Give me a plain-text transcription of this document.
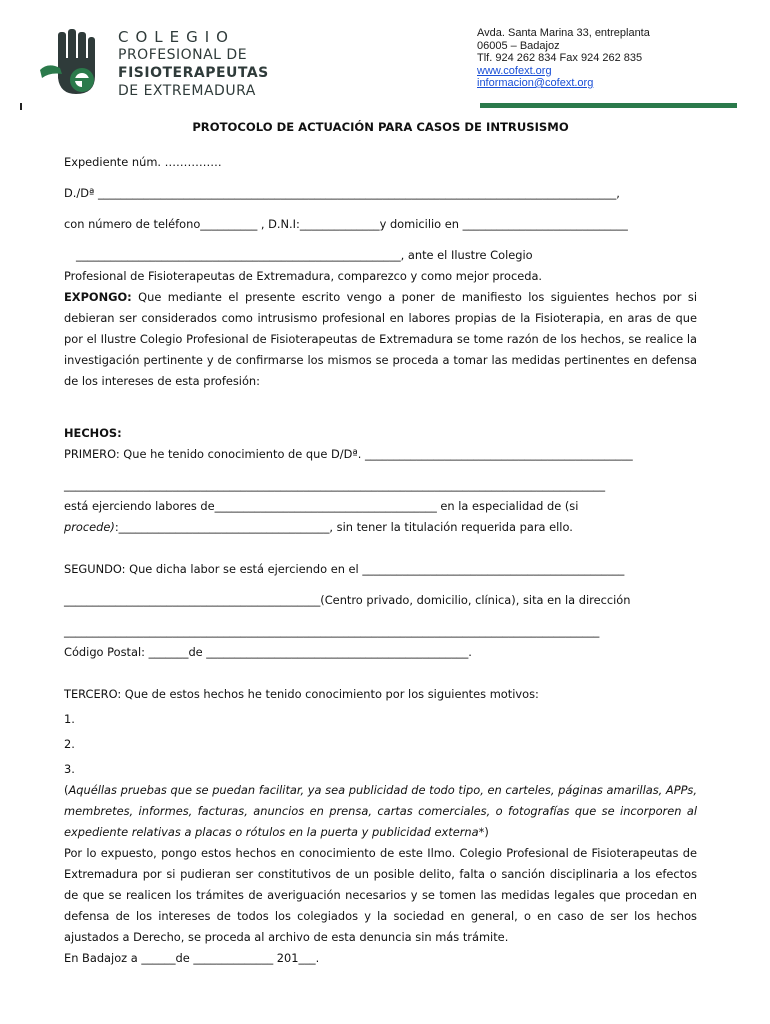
COLEGIO
PROFESIONAL DE
FISIOTERAPEUTAS
DE EXTREMADURA
Avda. Santa Marina 33, entreplanta
06005 – Badajoz
Tlf. 924 262 834 Fax 924 262 835
www.cofext.org
informacion@cofext.org
PROTOCOLO DE ACTUACIÓN PARA CASOS DE INTRUSISMO

Expediente núm. ……………

D./Dª ___________________________________________________________________________________________,

con número de teléfono__________ , D.N.I:______________y domicilio en _____________________________

_________________________________________________________, ante el Ilustre Colegio

Profesional de Fisioterapeutas de Extremadura, comparezco y como mejor proceda.

EXPONGO: Que mediante el presente escrito vengo a poner de manifiesto los siguientes hechos por si debieran ser considerados como intrusismo profesional en labores propias de la Fisioterapia, en aras de que por el Ilustre Colegio Profesional de Fisioterapeutas de Extremadura se tome razón de los hechos, se realice la investigación pertinente y de confirmarse los mismos se proceda a tomar las medidas pertinentes en defensa de los intereses de esta profesión:

HECHOS:

PRIMERO: Que he tenido conocimiento de que D/Dª. _______________________________________________

_______________________________________________________________________________________________

está ejerciendo labores de_______________________________________ en la especialidad de (si

procede):_____________________________________, sin tener la titulación requerida para ello.

SEGUNDO: Que dicha labor se está ejerciendo en el ______________________________________________

_____________________________________________(Centro privado, domicilio, clínica), sita en la dirección

______________________________________________________________________________________________

Código Postal: _______de ______________________________________________.

TERCERO: Que de estos hechos he tenido conocimiento por los siguientes motivos:

1.

2.

3.

(Aquéllas pruebas que se puedan facilitar, ya sea publicidad de todo tipo, en carteles, páginas amarillas, APPs, membretes, informes, facturas, anuncios en prensa, cartas comerciales, o fotografías que se incorporen al expediente relativas a placas o rótulos en la puerta y publicidad externa*)

Por lo expuesto, pongo estos hechos en conocimiento de este Ilmo. Colegio Profesional de Fisioterapeutas de Extremadura por si pudieran ser constitutivos de un posible delito, falta o sanción disciplinaria a los efectos de que se realicen los trámites de averiguación necesarios y se tomen las medidas legales que procedan en defensa de los intereses de todos los colegiados y la sociedad en general, o en caso de ser los hechos ajustados a Derecho, se proceda al archivo de esta denuncia sin más trámite.

En Badajoz a ______de ______________ 201___.
